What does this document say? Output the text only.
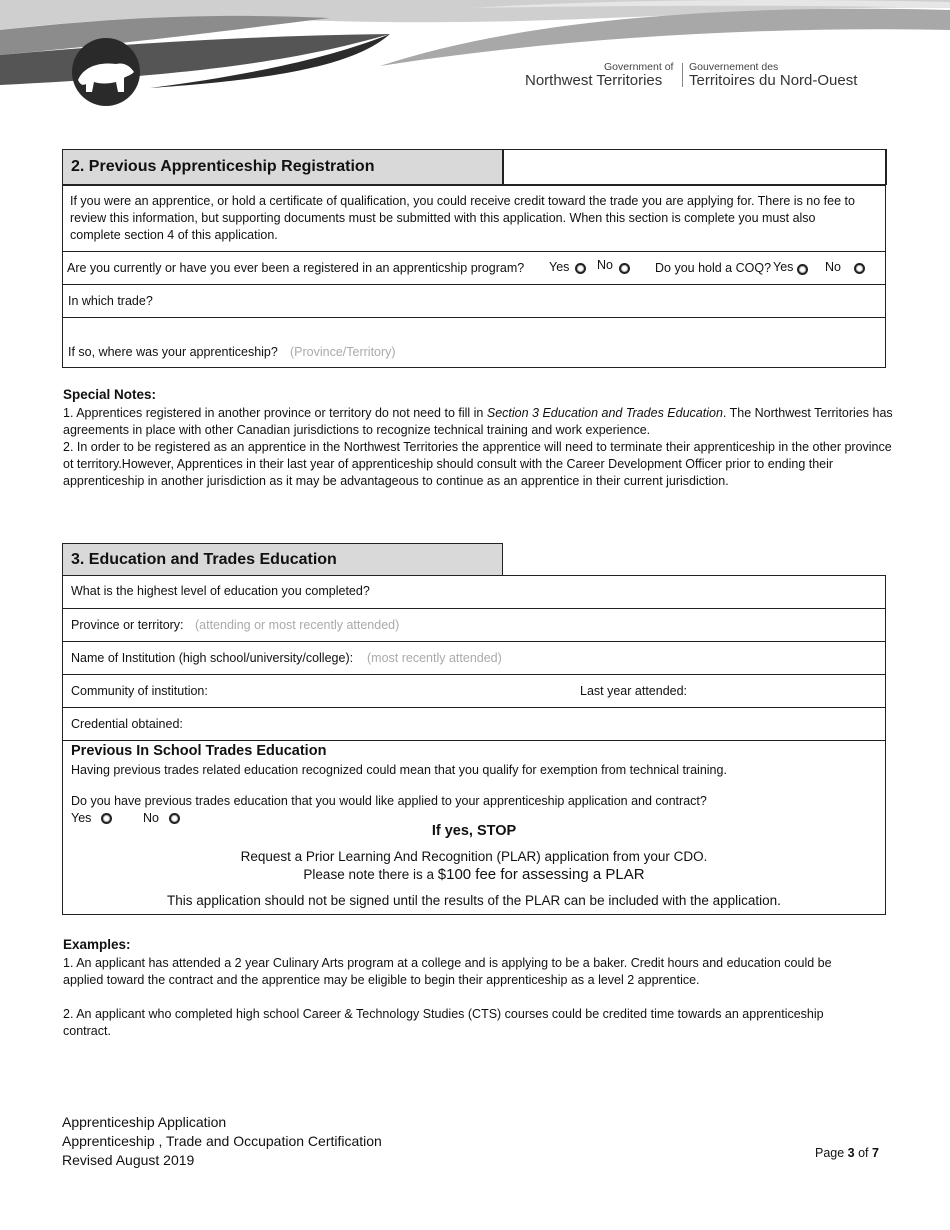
Government of
Northwest Territories
Gouvernement des
Territoires du Nord-Ouest
2. Previous Apprenticeship Registration
If you were an apprentice, or hold a certificate of qualification, you could receive credit toward the trade you are applying for. There is no fee to review this information, but supporting documents must be submitted with this application. When this section is complete you must also complete section 4 of this application.
Are you currently or have you ever been a registered in an apprenticship program? Yes No	Do you hold a COQ? Yes	No
In which trade?
If so, where was your apprenticeship? (Province/Territory)
Special Notes:
1. Apprentices registered in another province or territory do not need to fill in Section 3 Education and Trades Education. The Northwest Territories has agreements in place with other Canadian jurisdictions to recognize technical training and work experience.
2. In order to be registered as an apprentice in the Northwest Territories the apprentice will need to terminate their apprenticeship in the other province ot territory.However, Apprentices in their last year of apprenticeship should consult with the Career Development Officer prior to ending their apprenticeship in another jurisdiction as it may be advantageous to continue as an apprentice in their current jurisdiction.
3. Education and Trades Education
What is the highest level of education you completed?
Province or territory: (attending or most recently attended)
Name of Institution (high school/university/college): (most recently attended)
Community of institution:	Last year attended:
Credential obtained:
Previous In School Trades Education
Having previous trades related education recognized could mean that you qualify for exemption from technical training.
Do you have previous trades education that you would like applied to your apprenticeship application and contract?
Yes	No
If yes, STOP
Request a Prior Learning And Recognition (PLAR) application from your CDO.
Please note there is a $100 fee for assessing a PLAR
This application should not be signed until the results of the PLAR can be included with the application.
Examples:
1. An applicant has attended a 2 year Culinary Arts program at a college and is applying to be a baker. Credit hours and education could be applied toward the contract and the apprentice may be eligible to begin their apprenticeship as a level 2 apprentice.
2. An applicant who completed high school Career & Technology Studies (CTS) courses could be credited time towards an apprenticeship contract.
Apprenticeship Application
Apprenticeship , Trade and Occupation Certification
Revised August 2019	Page 3 of 7
